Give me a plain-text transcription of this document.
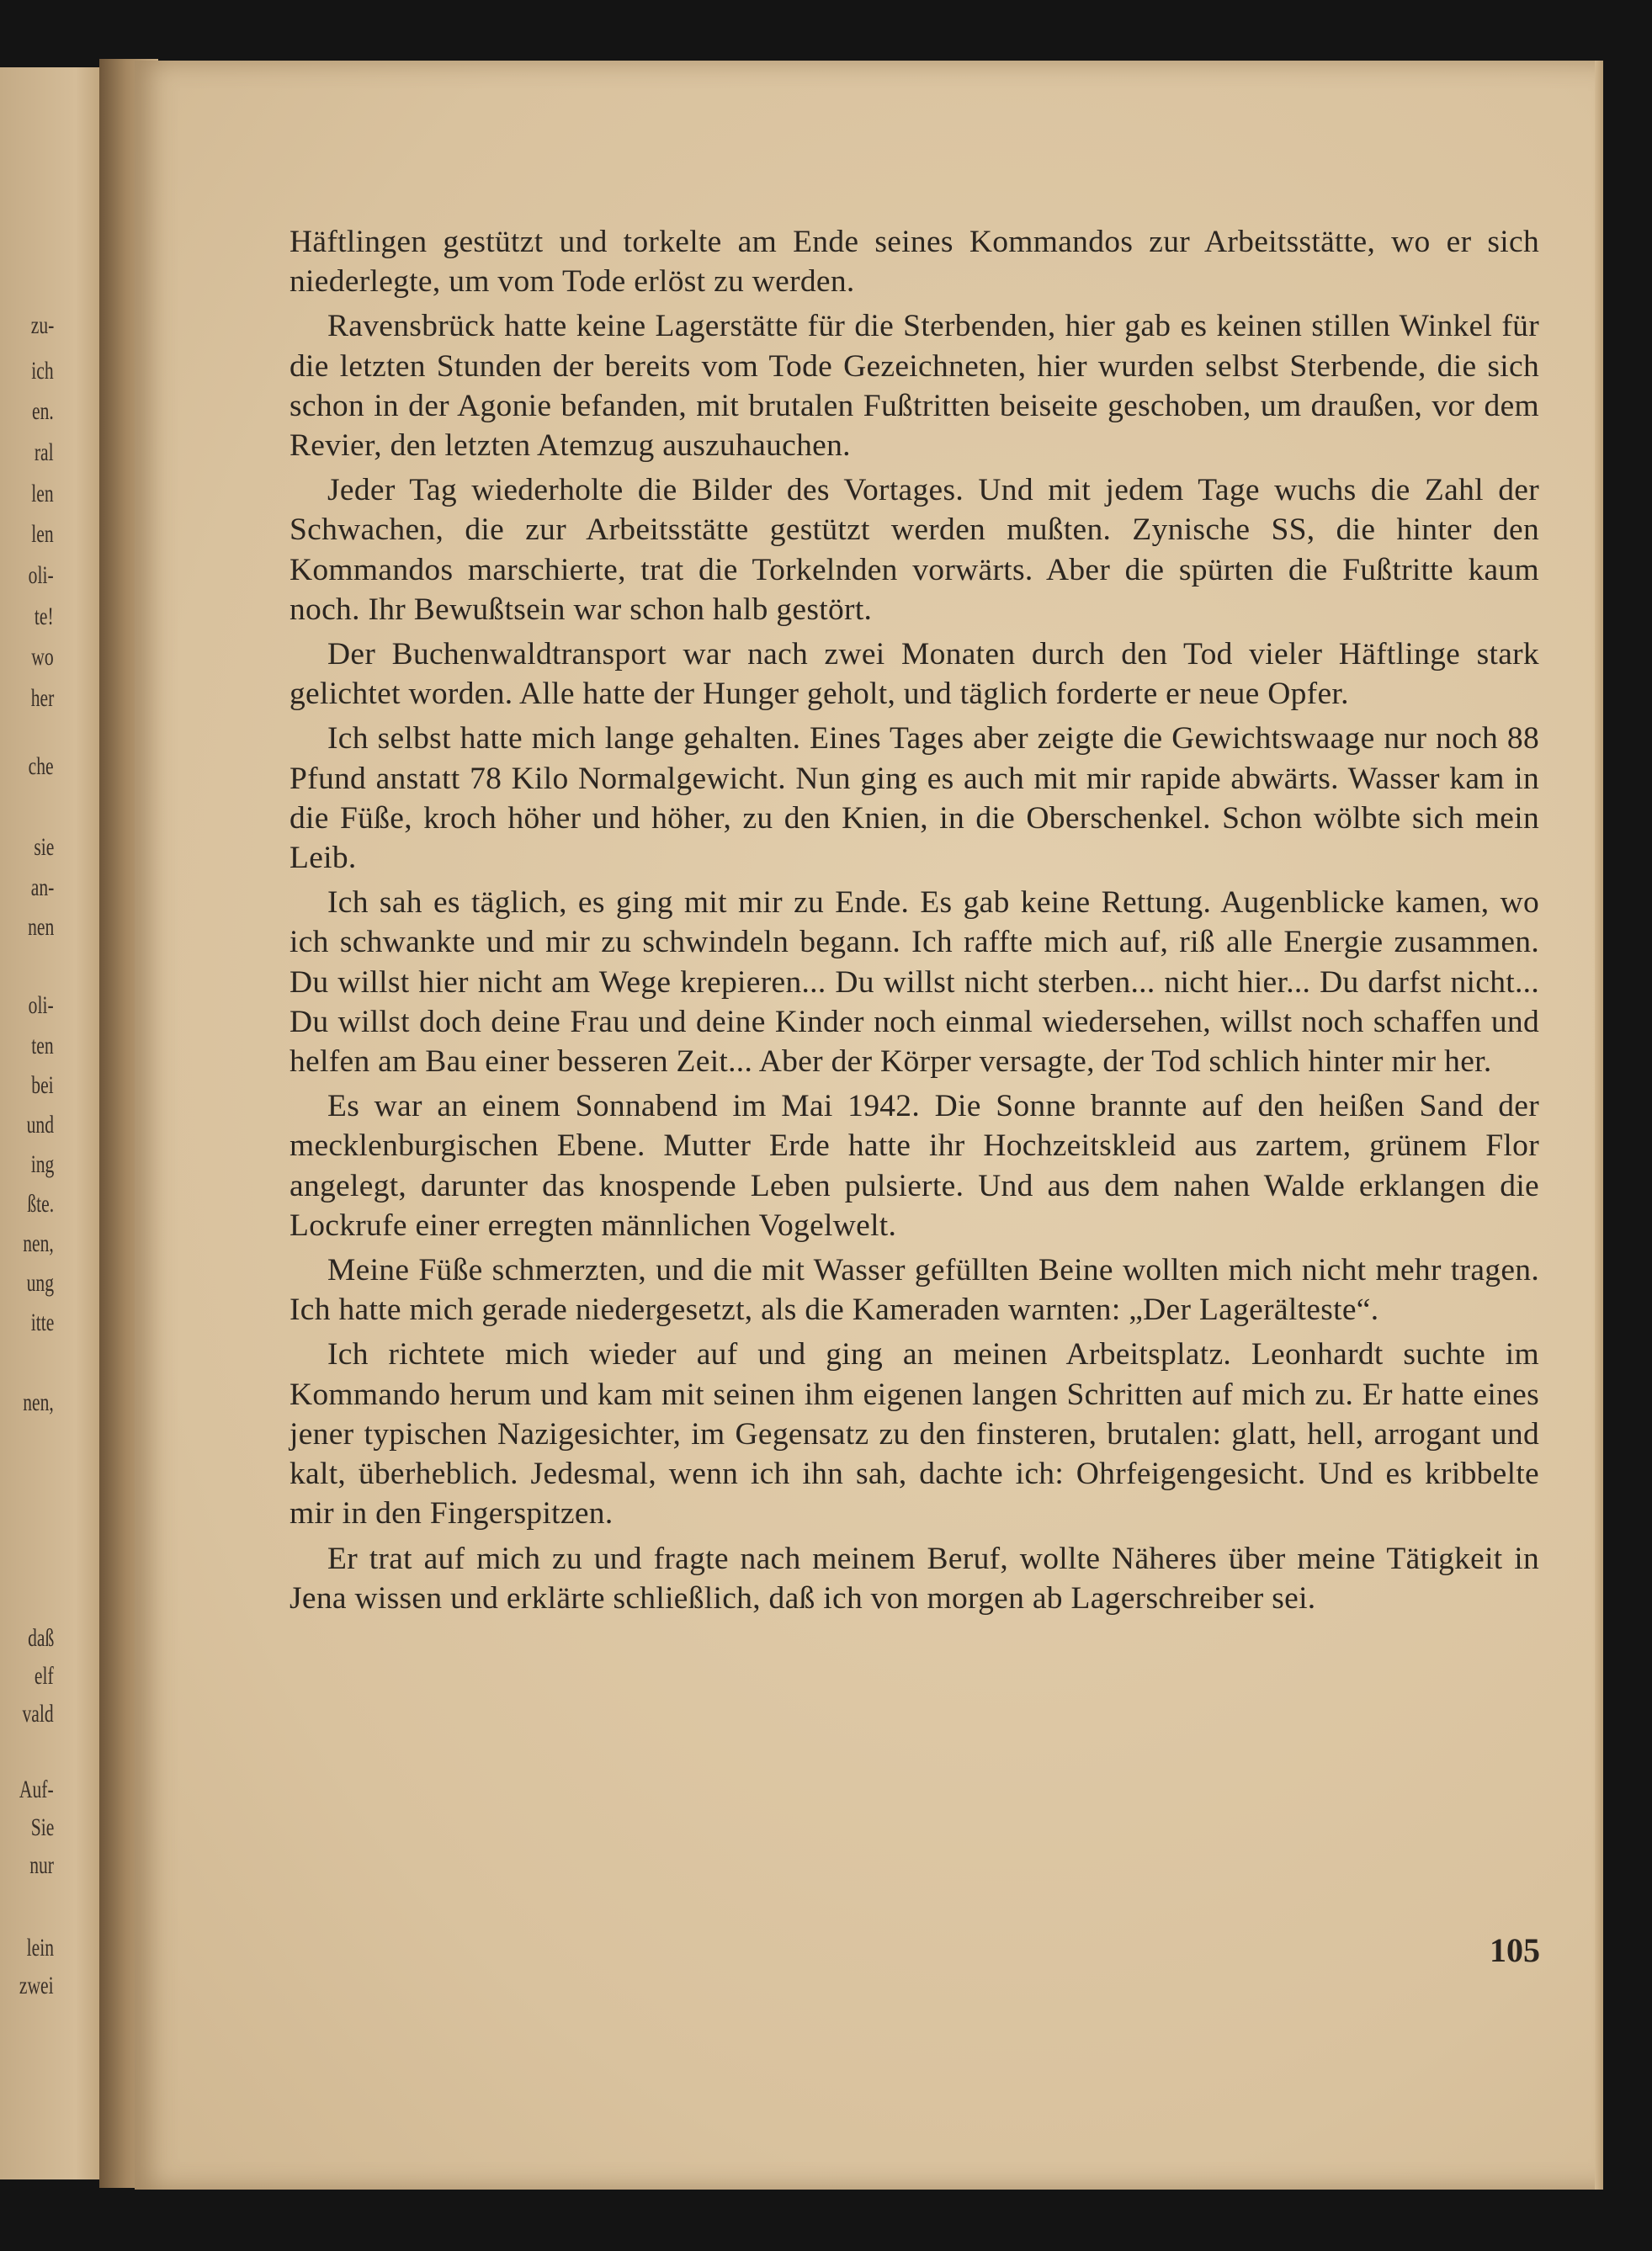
zu-
ich
en.
ral
len
len
oli-
te!
wo
her
che
sie
an-
nen
oli-
ten
bei
und
ing
ßte.
nen,
ung
itte
nen,
daß
elf
vald
Auf-
Sie
nur
lein
zwei

Häftlingen gestützt und torkelte am Ende seines Kommandos zur Arbeitsstätte, wo er sich niederlegte, um vom Tode erlöst zu werden.

Ravensbrück hatte keine Lagerstätte für die Sterbenden, hier gab es keinen stillen Winkel für die letzten Stunden der bereits vom Tode Gezeichneten, hier wurden selbst Sterbende, die sich schon in der Agonie befanden, mit brutalen Fußtritten beiseite geschoben, um draußen, vor dem Revier, den letzten Atemzug auszuhauchen.

Jeder Tag wiederholte die Bilder des Vortages. Und mit jedem Tage wuchs die Zahl der Schwachen, die zur Arbeitsstätte gestützt werden mußten. Zynische SS, die hinter den Kommandos marschierte, trat die Torkelnden vorwärts. Aber die spürten die Fußtritte kaum noch. Ihr Bewußtsein war schon halb gestört.

Der Buchenwaldtransport war nach zwei Monaten durch den Tod vieler Häftlinge stark gelichtet worden. Alle hatte der Hunger geholt, und täglich forderte er neue Opfer.

Ich selbst hatte mich lange gehalten. Eines Tages aber zeigte die Gewichtswaage nur noch 88 Pfund anstatt 78 Kilo Normalgewicht. Nun ging es auch mit mir rapide abwärts. Wasser kam in die Füße, kroch höher und höher, zu den Knien, in die Oberschenkel. Schon wölbte sich mein Leib.

Ich sah es täglich, es ging mit mir zu Ende. Es gab keine Rettung. Augenblicke kamen, wo ich schwankte und mir zu schwindeln begann. Ich raffte mich auf, riß alle Energie zusammen. Du willst hier nicht am Wege krepieren... Du willst nicht sterben... nicht hier... Du darfst nicht... Du willst doch deine Frau und deine Kinder noch einmal wiedersehen, willst noch schaffen und helfen am Bau einer besseren Zeit... Aber der Körper versagte, der Tod schlich hinter mir her.

Es war an einem Sonnabend im Mai 1942. Die Sonne brannte auf den heißen Sand der mecklenburgischen Ebene. Mutter Erde hatte ihr Hochzeitskleid aus zartem, grünem Flor angelegt, darunter das knospende Leben pulsierte. Und aus dem nahen Walde erklangen die Lockrufe einer erregten männlichen Vogelwelt.

Meine Füße schmerzten, und die mit Wasser gefüllten Beine wollten mich nicht mehr tragen. Ich hatte mich gerade niedergesetzt, als die Kameraden warnten: „Der Lagerälteste“.

Ich richtete mich wieder auf und ging an meinen Arbeitsplatz. Leonhardt suchte im Kommando herum und kam mit seinen ihm eigenen langen Schritten auf mich zu. Er hatte eines jener typischen Nazigesichter, im Gegensatz zu den finsteren, brutalen: glatt, hell, arrogant und kalt, überheblich. Jedesmal, wenn ich ihn sah, dachte ich: Ohrfeigengesicht. Und es kribbelte mir in den Fingerspitzen.

Er trat auf mich zu und fragte nach meinem Beruf, wollte Näheres über meine Tätigkeit in Jena wissen und erklärte schließlich, daß ich von morgen ab Lagerschreiber sei.

105
